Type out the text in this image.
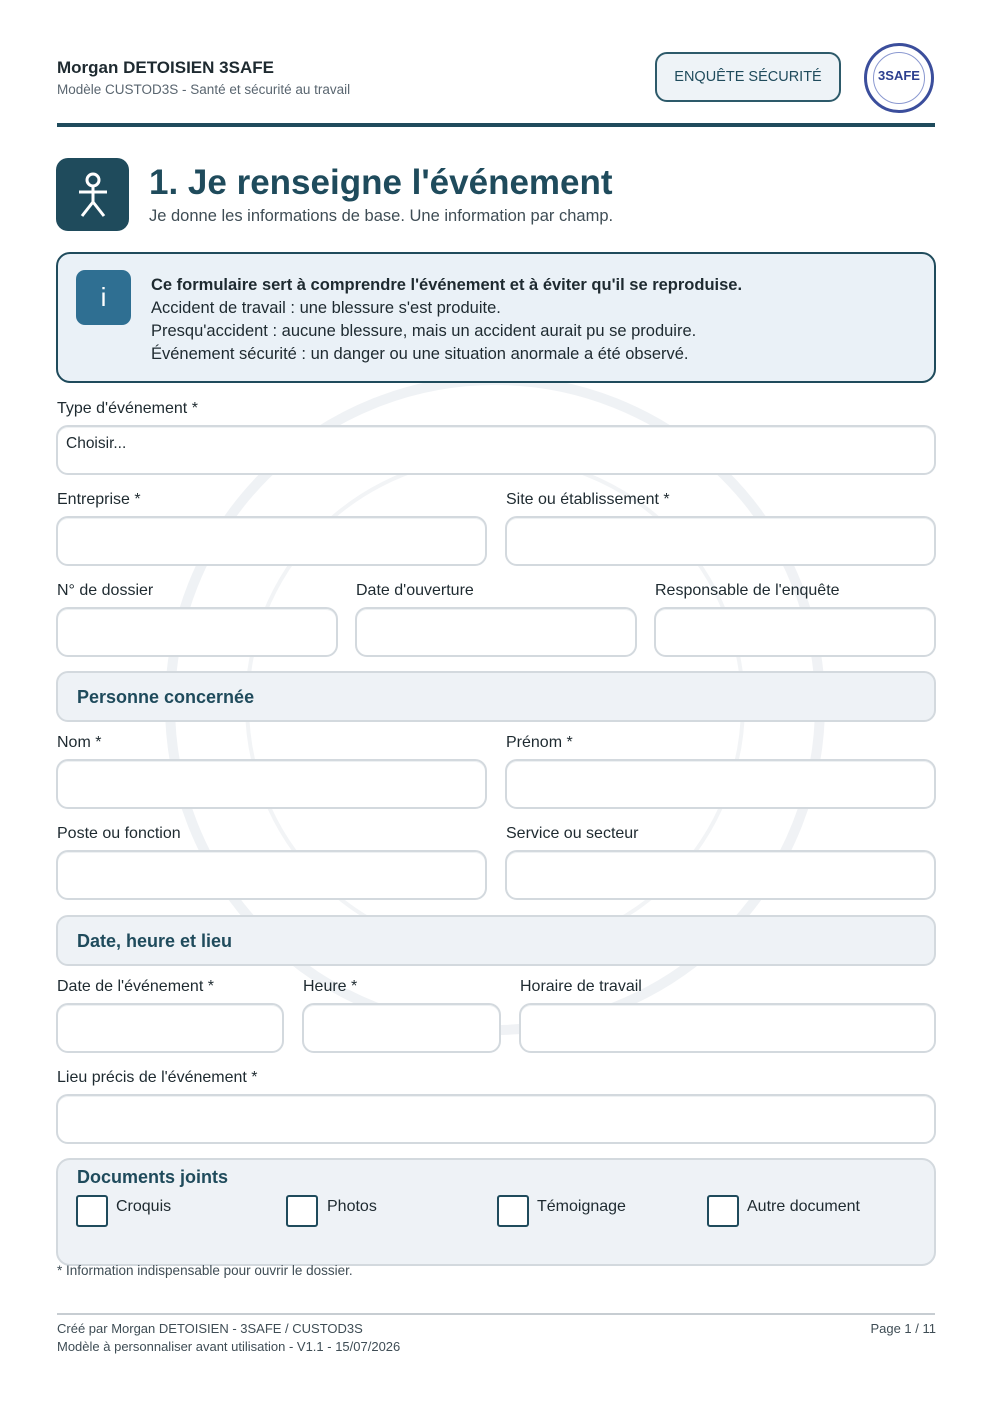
Morgan DETOISIEN 3SAFE
Modèle CUSTOD3S - Santé et sécurité au travail
ENQUÊTE SÉCURITÉ	3SAFE
1. Je renseigne l'événement
Je donne les informations de base. Une information par champ.
i	Ce formulaire sert à comprendre l'événement et à éviter qu'il se reproduise.
Accident de travail : une blessure s'est produite.
Presqu'accident : aucune blessure, mais un accident aurait pu se produire.
Événement sécurité : un danger ou une situation anormale a été observé.
Type d'événement *
Choisir...
Entreprise *	Site ou établissement *
N° de dossier	Date d'ouverture	Responsable de l'enquête
Personne concernée
Nom *	Prénom *
Poste ou fonction	Service ou secteur
Date, heure et lieu
Date de l'événement *	Heure *	Horaire de travail
Lieu précis de l'événement *
Documents joints
Croquis	Photos	Témoignage	Autre document
* Information indispensable pour ouvrir le dossier.
Créé par Morgan DETOISIEN - 3SAFE / CUSTOD3S
Modèle à personnaliser avant utilisation - V1.1 - 15/07/2026
Page 1 / 11
